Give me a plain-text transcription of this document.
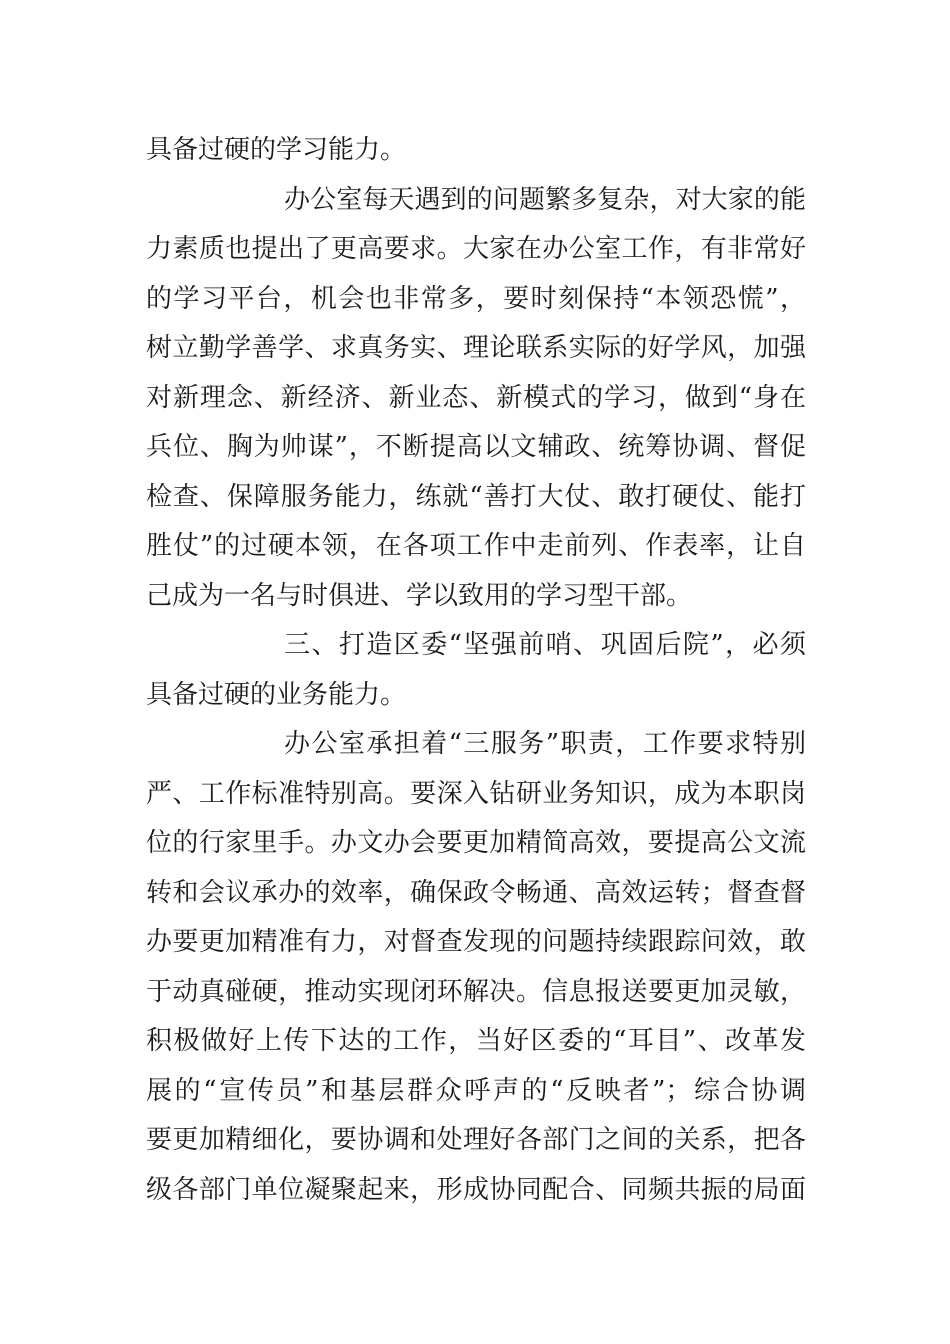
具备过硬的学习能力。
办公室每天遇到的问题繁多复杂，对大家的能
力素质也提出了更高要求。大家在办公室工作，有非常好
的学习平台，机会也非常多，要时刻保持“本领恐慌”，
树立勤学善学、求真务实、理论联系实际的好学风，加强
对新理念、新经济、新业态、新模式的学习，做到“身在
兵位、胸为帅谋”，不断提高以文辅政、统筹协调、督促
检查、保障服务能力，练就“善打大仗、敢打硬仗、能打
胜仗”的过硬本领，在各项工作中走前列、作表率，让自
己成为一名与时俱进、学以致用的学习型干部。
三、打造区委“坚强前哨、巩固后院”，必须
具备过硬的业务能力。
办公室承担着“三服务”职责，工作要求特别
严、工作标准特别高。要深入钻研业务知识，成为本职岗
位的行家里手。办文办会要更加精简高效，要提高公文流
转和会议承办的效率，确保政令畅通、高效运转；督查督
办要更加精准有力，对督查发现的问题持续跟踪问效，敢
于动真碰硬，推动实现闭环解决。信息报送要更加灵敏，
积极做好上传下达的工作，当好区委的“耳目”、改革发
展的“宣传员”和基层群众呼声的“反映者”；综合协调
要更加精细化，要协调和处理好各部门之间的关系，把各
级各部门单位凝聚起来，形成协同配合、同频共振的局面
